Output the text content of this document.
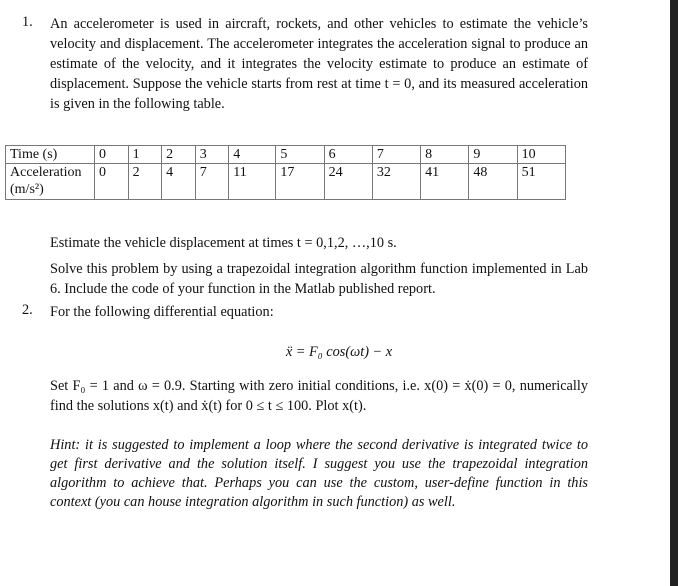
1. An accelerometer is used in aircraft, rockets, and other vehicles to estimate the vehicle’s velocity and displacement. The accelerometer integrates the acceleration signal to produce an estimate of the velocity, and it integrates the velocity estimate to produce an estimate of displacement. Suppose the vehicle starts from rest at time t = 0, and its measured acceleration is given in the following table.
Time (s)	0	1	2	3	4	5	6	7	8	9	10
Acceleration (m/s²)	0	2	4	7	11	17	24	32	41	48	51
Estimate the vehicle displacement at times t = 0,1,2, …,10 s.
Solve this problem by using a trapezoidal integration algorithm function implemented in Lab 6. Include the code of your function in the Matlab published report.
2. For the following differential equation:
ẍ = F₀ cos(ωt) − x
Set F₀ = 1 and ω = 0.9. Starting with zero initial conditions, i.e. x(0) = ẋ(0) = 0, numerically find the solutions x(t) and ẋ(t) for 0 ≤ t ≤ 100. Plot x(t).
Hint: it is suggested to implement a loop where the second derivative is integrated twice to get first derivative and the solution itself. I suggest you use the trapezoidal integration algorithm to achieve that. Perhaps you can use the custom, user-define function in this context (you can house integration algorithm in such function) as well.
